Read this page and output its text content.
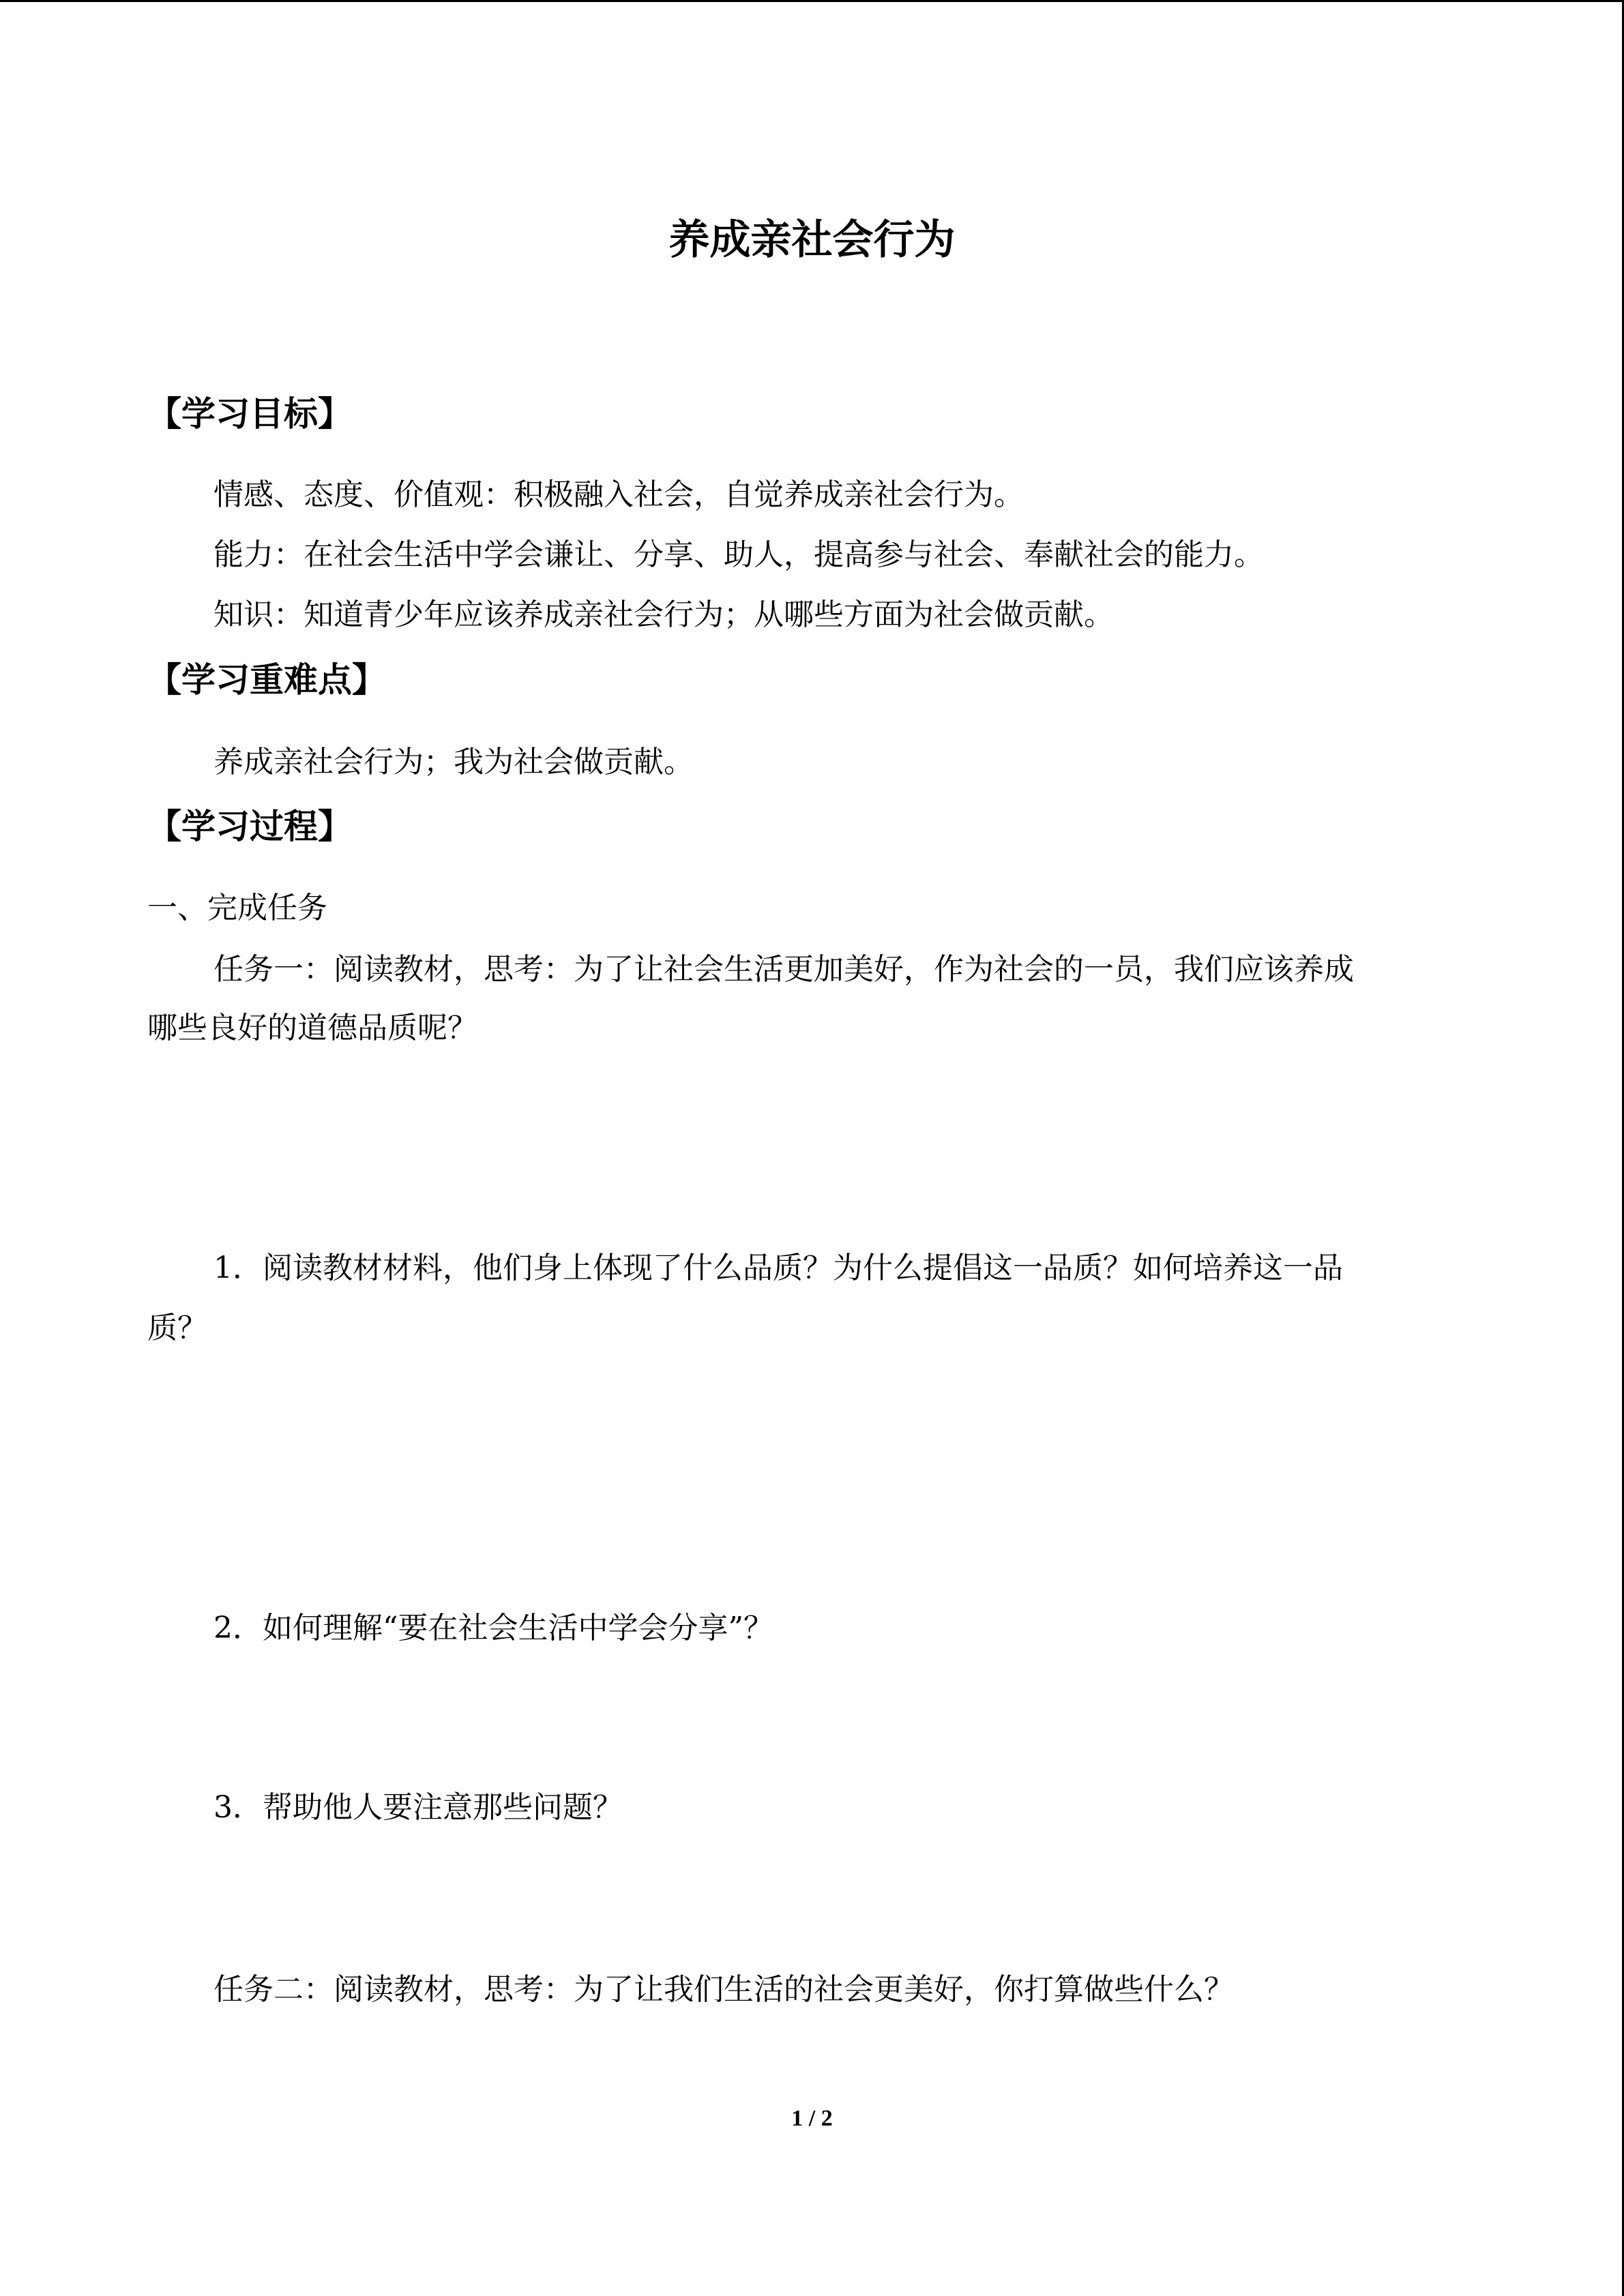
养成亲社会行为
【学习目标】
情感、态度、价值观：积极融入社会，自觉养成亲社会行为。
能力：在社会生活中学会谦让、分享、助人，提高参与社会、奉献社会的能力。
知识：知道青少年应该养成亲社会行为；从哪些方面为社会做贡献。
【学习重难点】
养成亲社会行为；我为社会做贡献。
【学习过程】
一、完成任务
任务一：阅读教材，思考：为了让社会生活更加美好，作为社会的一员，我们应该养成
哪些良好的道德品质呢？
1．阅读教材材料，他们身上体现了什么品质？为什么提倡这一品质？如何培养这一品
质？
2．如何理解“要在社会生活中学会分享”？
3．帮助他人要注意那些问题？
任务二：阅读教材，思考：为了让我们生活的社会更美好，你打算做些什么？
1 / 2
